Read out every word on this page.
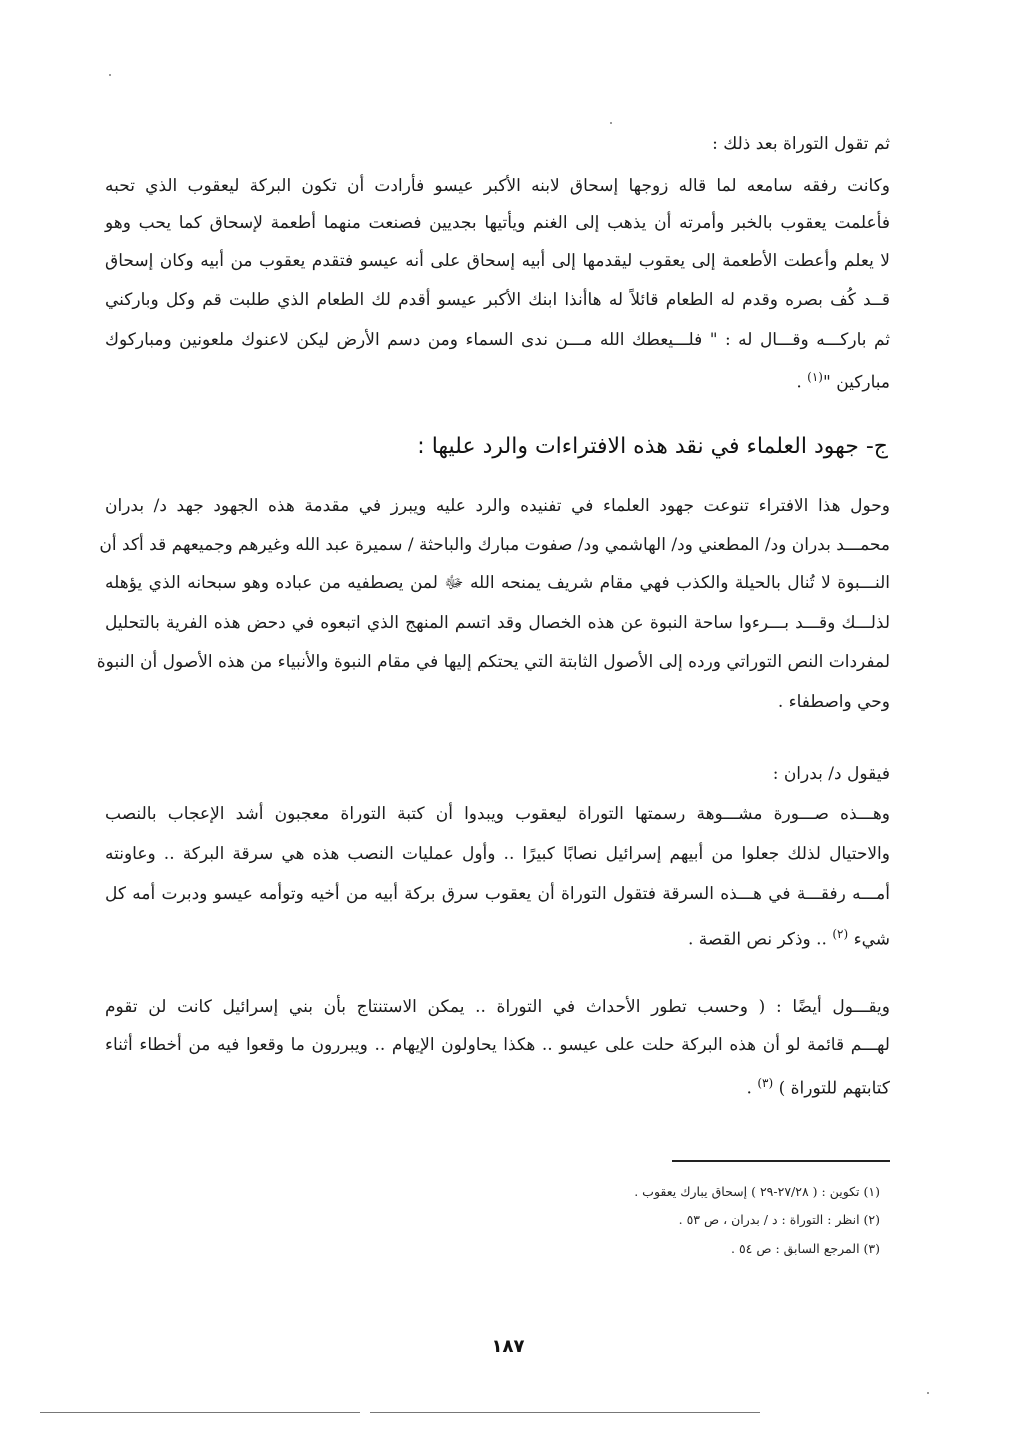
ثم تقول التوراة بعد ذلك :
وكانت رفقه سامعه لما قاله زوجها إسحاق لابنه الأكبر عيسو فأرادت أن تكون البركة ليعقوب الذي تحبه
فأعلمت يعقوب بالخبر وأمرته أن يذهب إلى الغنم ويأتيها بجديين فصنعت منهما أطعمة لإسحاق كما يحب وهو
لا يعلم وأعطت الأطعمة إلى يعقوب ليقدمها إلى أبيه إسحاق على أنه عيسو فتقدم يعقوب من أبيه وكان إسحاق
قــد كُف بصره وقدم له الطعام قائلاً له هاأنذا ابنك الأكبر عيسو أقدم لك الطعام الذي طلبت قم وكل وباركني
ثم باركـــه وقـــال له : " فلـــيعطك الله مـــن ندى السماء ومن دسم الأرض ليكن لاعنوك ملعونين ومباركوك
مباركين "$^{(١)}$ .
ج- جهود العلماء في نقد هذه الافتراءات والرد عليها :
وحول هذا الافتراء تنوعت جهود العلماء في تفنيده والرد عليه ويبرز في مقدمة هذه الجهود جهد د/ بدران
محمـــد بدران ود/ المطعني ود/ الهاشمي ود/ صفوت مبارك والباحثة / سميرة عبد الله وغيرهم وجميعهم قد أكد أن
النـــبوة لا تُنال بالحيلة والكذب فهي مقام شريف يمنحه الله ﷻ لمن يصطفيه من عباده وهو سبحانه الذي يؤهله
لذلـــك وقـــد بـــرءوا ساحة النبوة عن هذه الخصال وقد اتسم المنهج الذي اتبعوه في دحض هذه الفرية بالتحليل
لمفردات النص التوراتي ورده إلى الأصول الثابتة التي يحتكم إليها في مقام النبوة والأنبياء من هذه الأصول أن النبوة
وحي واصطفاء .
فيقول د/ بدران :
وهـــذه صـــورة مشـــوهة رسمتها التوراة ليعقوب ويبدوا أن كتبة التوراة معجبون أشد الإعجاب بالنصب
والاحتيال لذلك جعلوا من أبيهم إسرائيل نصابًا كبيرًا .. وأول عمليات النصب هذه هي سرقة البركة .. وعاونته
أمـــه رفقـــة في هـــذه السرقة فتقول التوراة أن يعقوب سرق بركة أبيه من أخيه وتوأمه عيسو ودبرت أمه كل
شيء $^{(٢)}$ .. وذكر نص القصة .
ويقـــول أيضًا : ( وحسب تطور الأحداث في التوراة .. يمكن الاستنتاج بأن بني إسرائيل كانت لن تقوم
لهـــم قائمة لو أن هذه البركة حلت على عيسو .. هكذا يحاولون الإيهام .. ويبررون ما وقعوا فيه من أخطاء أثناء
كتابتهم للتوراة ) $^{(٣)}$ .
(١) تكوين : ( ٢٧/٢٨-٢٩ ) إسحاق يبارك يعقوب .
(٢) انظر : التوراة : د / بدران ، ص ٥٣ .
(٣) المرجع السابق : ص ٥٤ .
١٨٧
